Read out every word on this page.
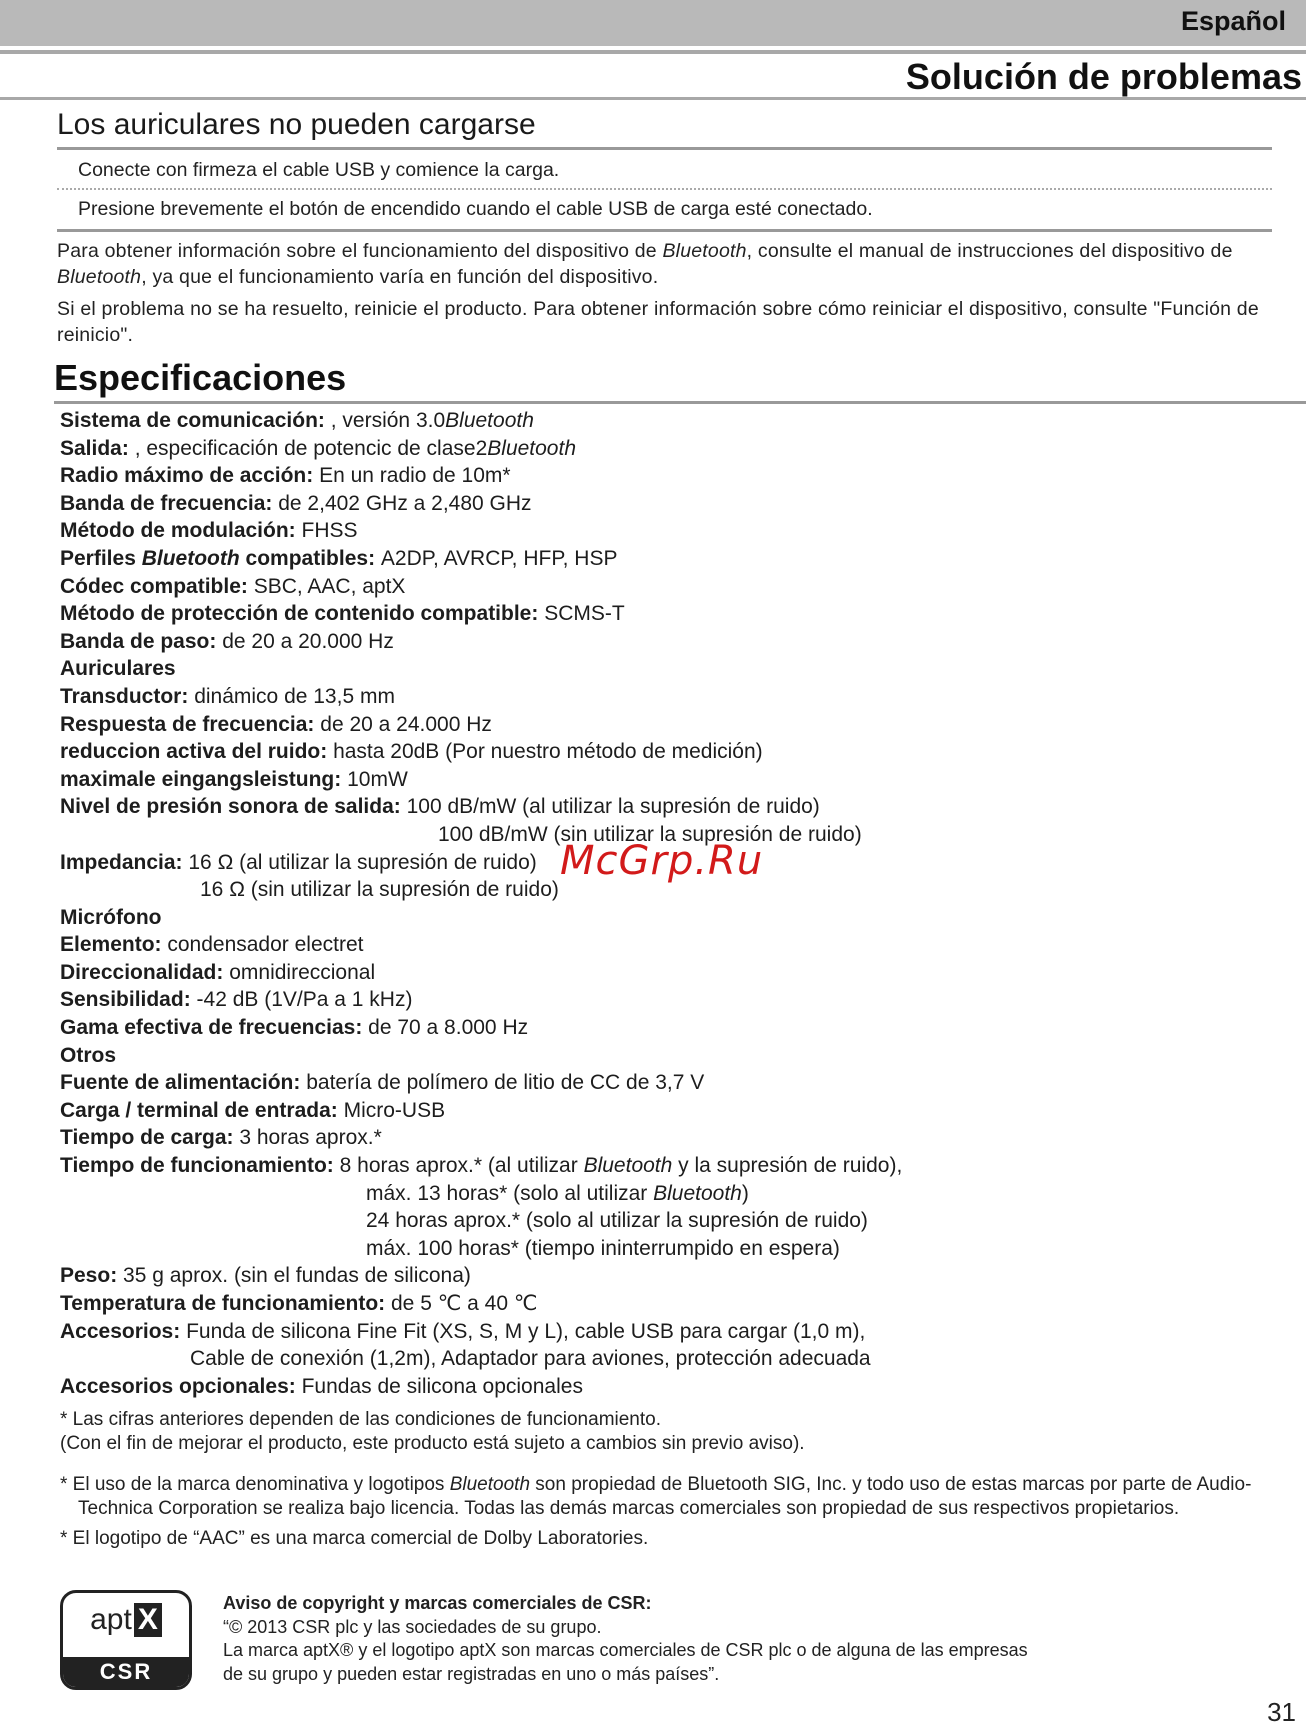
Español
Solución de problemas
Los auriculares no pueden cargarse
Conecte con firmeza el cable USB y comience la carga.
Presione brevemente el botón de encendido cuando el cable USB de carga esté conectado.
Para obtener información sobre el funcionamiento del dispositivo de Bluetooth, consulte el manual de instrucciones del dispositivo de Bluetooth, ya que el funcionamiento varía en función del dispositivo.
Si el problema no se ha resuelto, reinicie el producto. Para obtener información sobre cómo reiniciar el dispositivo, consulte "Función de reinicio".
Especificaciones
Sistema de comunicación: , versión 3.0Bluetooth
Salida: , especificación de potencic de clase2Bluetooth
Radio máximo de acción: En un radio de 10m*
Banda de frecuencia: de 2,402 GHz a 2,480 GHz
Método de modulación: FHSS
Perfiles Bluetooth compatibles: A2DP, AVRCP, HFP, HSP
Códec compatible: SBC, AAC, aptX
Método de protección de contenido compatible: SCMS-T
Banda de paso: de 20 a 20.000 Hz
Auriculares
Transductor: dinámico de 13,5 mm
Respuesta de frecuencia: de 20 a 24.000 Hz
reduccion activa del ruido: hasta 20dB (Por nuestro método de medición)
maximale eingangsleistung: 10mW
Nivel de presión sonora de salida: 100 dB/mW (al utilizar la supresión de ruido)
100 dB/mW (sin utilizar la supresión de ruido)
Impedancia: 16 Ω (al utilizar la supresión de ruido)
16 Ω (sin utilizar la supresión de ruido)
Micrófono
Elemento: condensador electret
Direccionalidad: omnidireccional
Sensibilidad: -42 dB (1V/Pa a 1 kHz)
Gama efectiva de frecuencias: de 70 a 8.000 Hz
Otros
Fuente de alimentación: batería de polímero de litio de CC de 3,7 V
Carga / terminal de entrada: Micro-USB
Tiempo de carga: 3 horas aprox.*
Tiempo de funcionamiento: 8 horas aprox.* (al utilizar Bluetooth y la supresión de ruido),
máx. 13 horas* (solo al utilizar Bluetooth)
24 horas aprox.* (solo al utilizar la supresión de ruido)
máx. 100 horas* (tiempo ininterrumpido en espera)
Peso: 35 g aprox. (sin el fundas de silicona)
Temperatura de funcionamiento: de 5 ℃ a 40 ℃
Accesorios: Funda de silicona Fine Fit (XS, S, M y L), cable USB para cargar (1,0 m),
Cable de conexión (1,2m), Adaptador para aviones, protección adecuada
Accesorios opcionales: Fundas de silicona opcionales
* Las cifras anteriores dependen de las condiciones de funcionamiento.
(Con el fin de mejorar el producto, este producto está sujeto a cambios sin previo aviso).
* El uso de la marca denominativa y logotipos Bluetooth son propiedad de Bluetooth SIG, Inc. y todo uso de estas marcas por parte de Audio-Technica Corporation se realiza bajo licencia. Todas las demás marcas comerciales son propiedad de sus respectivos propietarios.
* El logotipo de “AAC” es una marca comercial de Dolby Laboratories.
apt X
CSR
Aviso de copyright y marcas comerciales de CSR:
“© 2013 CSR plc y las sociedades de su grupo.
La marca aptX® y el logotipo aptX son marcas comerciales de CSR plc o de alguna de las empresas
de su grupo y pueden estar registradas en uno o más países”.
McGrp.Ru
31
